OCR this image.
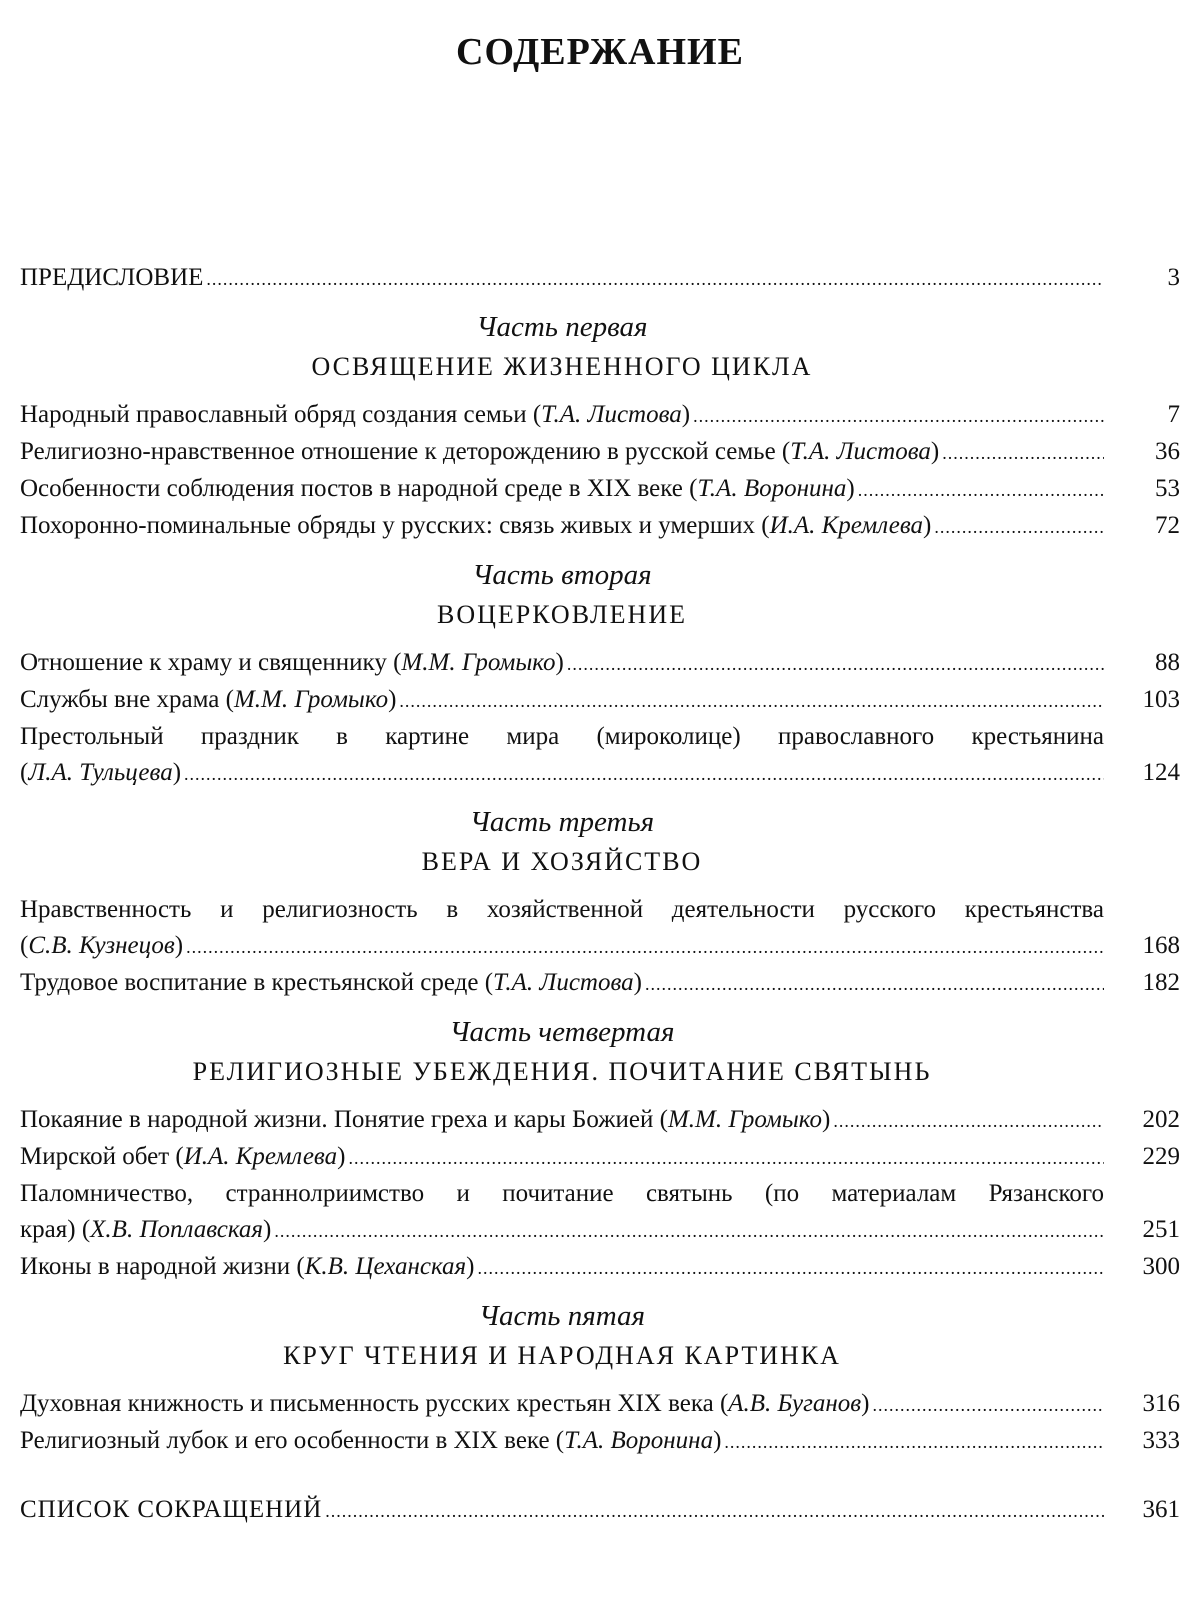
СОДЕРЖАНИЕ
ПРЕДИСЛОВИЕ .....	3
Часть первая
ОСВЯЩЕНИЕ ЖИЗНЕННОГО ЦИКЛА
Народный православный обряд создания семьи (Т.А. Листова) .....	7
Религиозно-нравственное отношение к деторождению в русской семье (Т.А. Листова) .....	36
Особенности соблюдения постов в народной среде в XIX веке (Т.А. Воронина) .....	53
Похоронно-поминальные обряды у русских: связь живых и умерших (И.А. Кремлева) .....	72
Часть вторая
ВОЦЕРКОВЛЕНИЕ
Отношение к храму и священнику (М.М. Громыко) .....	88
Службы вне храма (М.М. Громыко) .....	103
Престольный праздник в картине мира (мироколице) православного крестьянина
(Л.А. Тульцева) .....	124
Часть третья
ВЕРА И ХОЗЯЙСТВО
Нравственность и религиозность в хозяйственной деятельности русского крестьянства
(С.В. Кузнецов) .....	168
Трудовое воспитание в крестьянской среде (Т.А. Листова) .....	182
Часть четвертая
РЕЛИГИОЗНЫЕ УБЕЖДЕНИЯ. ПОЧИТАНИЕ СВЯТЫНЬ
Покаяние в народной жизни. Понятие греха и кары Божией (М.М. Громыко) .....	202
Мирской обет (И.А. Кремлева) .....	229
Паломничество, страннолриимство и почитание святынь (по материалам Рязанского
края) (Х.В. Поплавская) .....	251
Иконы в народной жизни (К.В. Цеханская) .....	300
Часть пятая
КРУГ ЧТЕНИЯ И НАРОДНАЯ КАРТИНКА
Духовная книжность и письменность русских крестьян XIX века (А.В. Буганов) .....	316
Религиозный лубок и его особенности в XIX веке (Т.А. Воронина) .....	333
СПИСОК СОКРАЩЕНИЙ .....	361
